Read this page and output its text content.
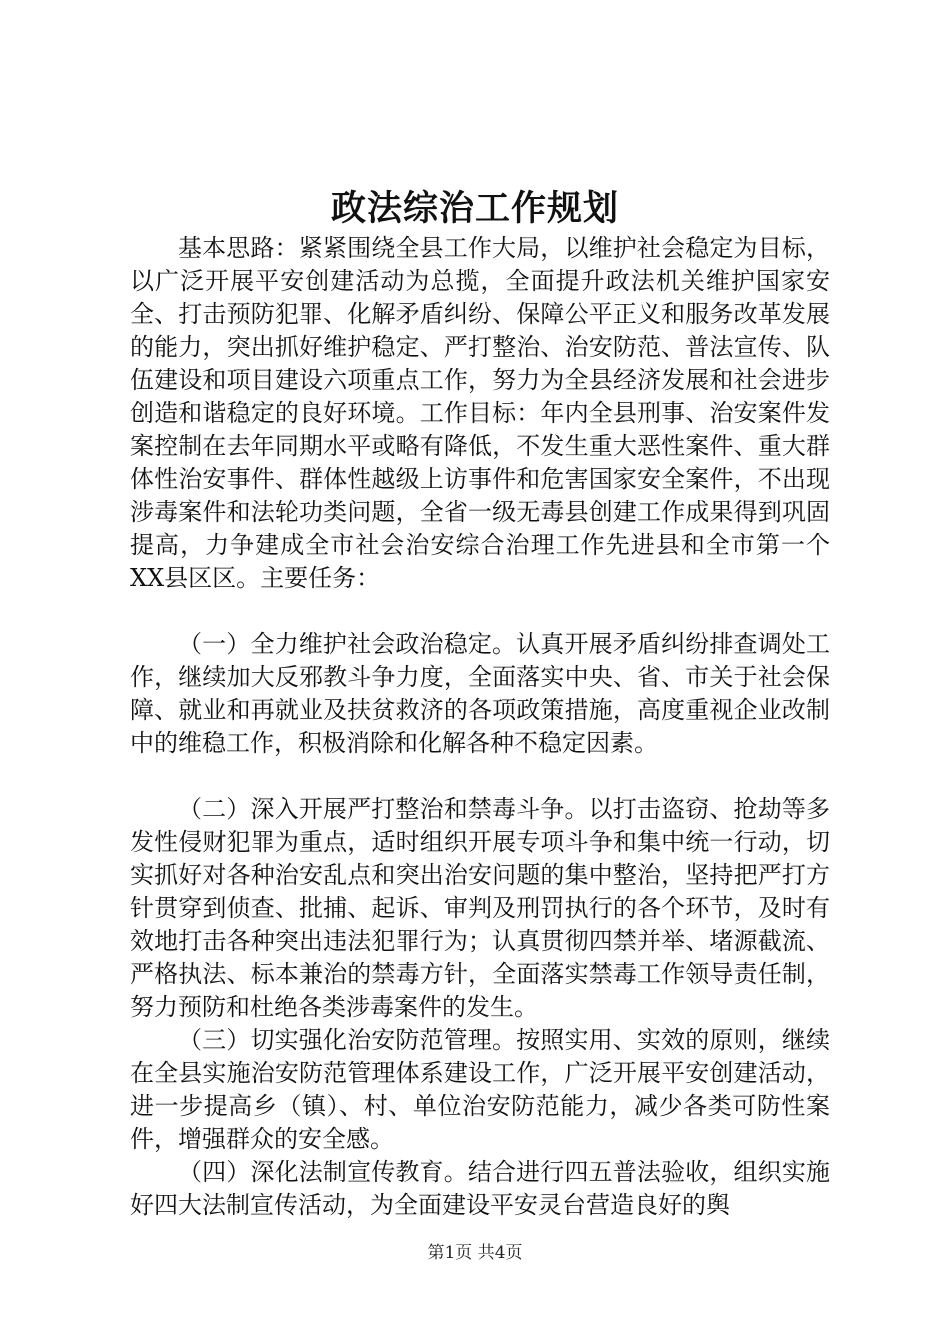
政法综治工作规划

基本思路：紧紧围绕全县工作大局，以维护社会稳定为目标，以广泛开展平安创建活动为总揽，全面提升政法机关维护国家安全、打击预防犯罪、化解矛盾纠纷、保障公平正义和服务改革发展的能力，突出抓好维护稳定、严打整治、治安防范、普法宣传、队伍建设和项目建设六项重点工作，努力为全县经济发展和社会进步创造和谐稳定的良好环境。工作目标：年内全县刑事、治安案件发案控制在去年同期水平或略有降低，不发生重大恶性案件、重大群体性治安事件、群体性越级上访事件和危害国家安全案件，不出现涉毒案件和法轮功类问题，全省一级无毒县创建工作成果得到巩固提高，力争建成全市社会治安综合治理工作先进县和全市第一个XX县区区。主要任务：

（一）全力维护社会政治稳定。认真开展矛盾纠纷排查调处工作，继续加大反邪教斗争力度，全面落实中央、省、市关于社会保障、就业和再就业及扶贫救济的各项政策措施，高度重视企业改制中的维稳工作，积极消除和化解各种不稳定因素。

（二）深入开展严打整治和禁毒斗争。以打击盗窃、抢劫等多发性侵财犯罪为重点，适时组织开展专项斗争和集中统一行动，切实抓好对各种治安乱点和突出治安问题的集中整治，坚持把严打方针贯穿到侦查、批捕、起诉、审判及刑罚执行的各个环节，及时有效地打击各种突出违法犯罪行为；认真贯彻四禁并举、堵源截流、严格执法、标本兼治的禁毒方针，全面落实禁毒工作领导责任制，努力预防和杜绝各类涉毒案件的发生。

（三）切实强化治安防范管理。按照实用、实效的原则，继续在全县实施治安防范管理体系建设工作，广泛开展平安创建活动，进一步提高乡（镇）、村、单位治安防范能力，减少各类可防性案件，增强群众的安全感。

（四）深化法制宣传教育。结合进行四五普法验收，组织实施好四大法制宣传活动，为全面建设平安灵台营造良好的舆

第1页 共4页
